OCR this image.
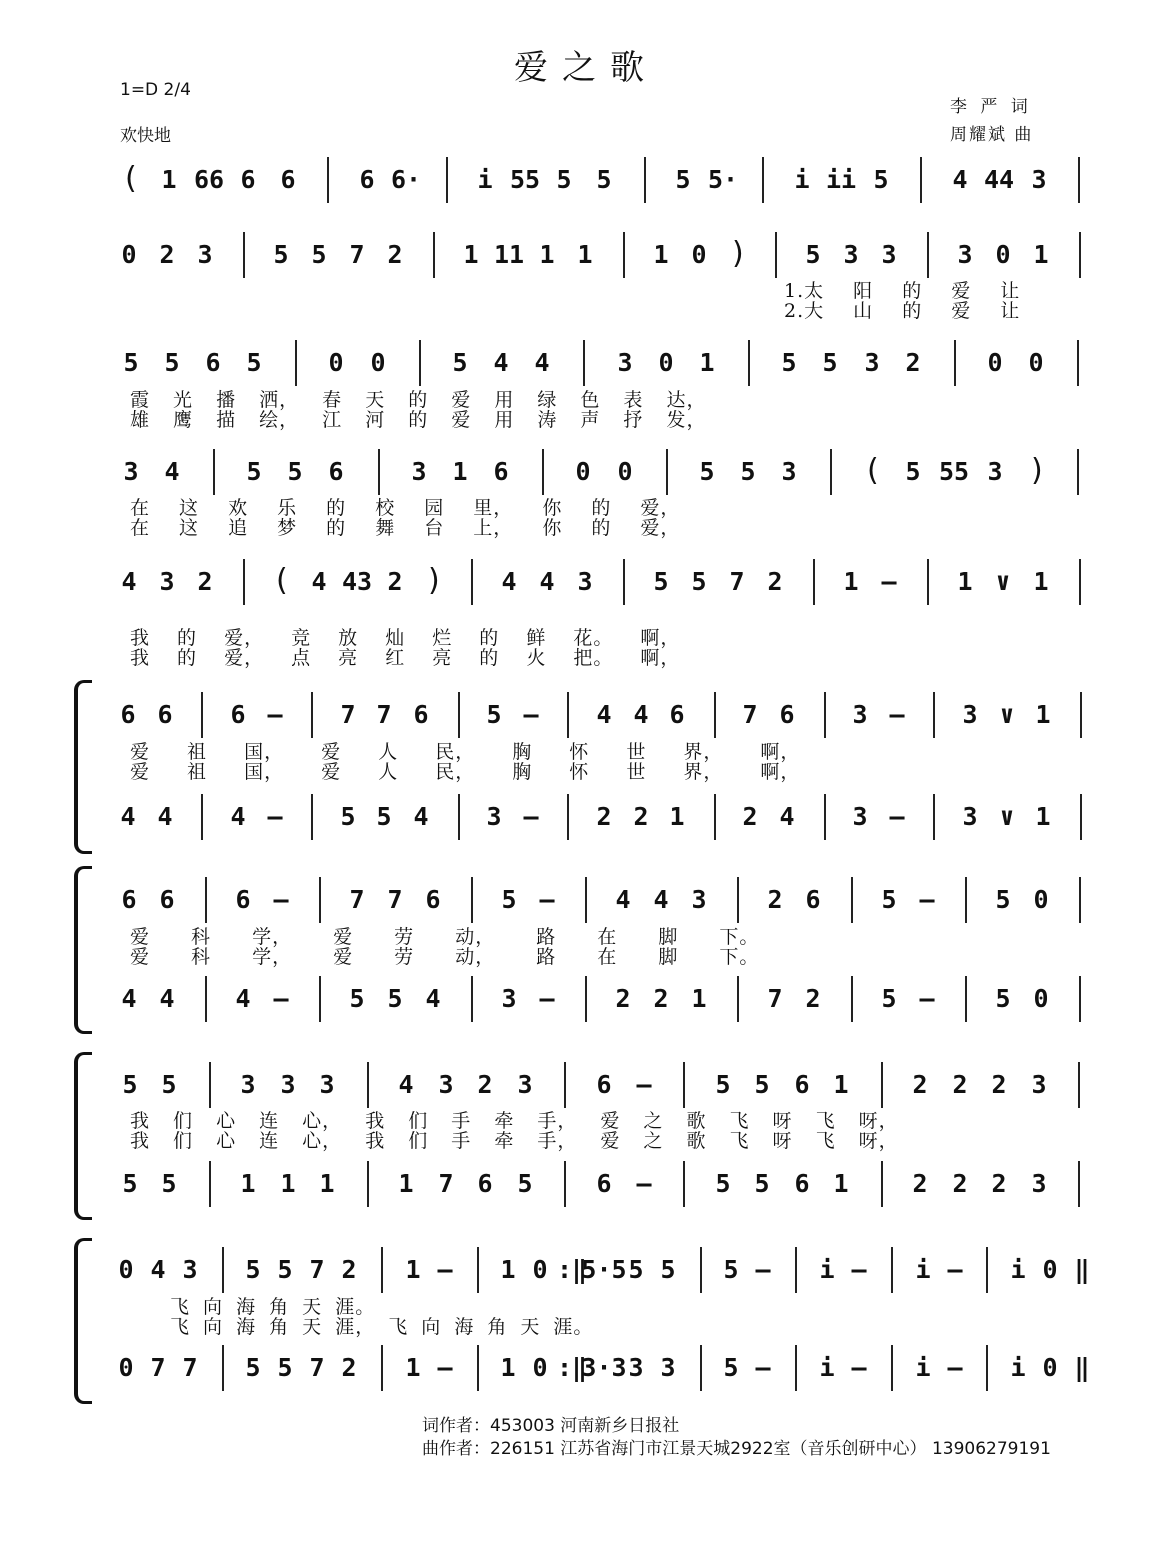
爱之歌
1=D 2/4
欢快地
李 严 词
周耀斌 曲
( 1 66 6 6	6 6· i 55 5 5	5 5· i ii 5	4 44 3
0 2 3 5 5 7 2 1 11 1 1 1 0 ) 5 3 3 3 0 1
5 5 6 5	0 0	5 4 4	3 0 1	5 5 3 2	0 0
3 4	5 5 6	3 1 6	0 0	5 5 3 ( 5 55 3 )
4 3 2 ( 4 43 2 ) 4 4 3 5 5 7 2 1 – 1 ∨ 1
6 6 6 – 7 7 6 5 – 4 4 6 7 6 3 – 3 ∨ 1
4 4 4 – 5 5 4 3 – 2 2 1 2 4 3 – 3 ∨ 1
6 6 6 – 7 7 6 5 – 4 4 3 2 6 5 – 5 0
4 4 4 – 5 5 4 3 – 2 2 1 7 2 5 – 5 0
5 5	3 3 3	4 3 2 3	6 –	5 5 6 1	2 2 2 3
5 5	1 1 1	1 7 6 5	6 –	5 5 6 1	2 2 2 3
0 4 3 5 5 7 2 1 – 1 0 :‖
5·5 5 5 5 – i – i – i 0 ‖
0 7 7 5 5 7 2 1 – 1 0 :‖
3·3 3 3 5 – i – i – i 0 ‖
1.太 阳 的 爱 让
2.大 山 的 爱 让
霞 光 播 洒， 春 天 的 爱 用 绿 色 表 达，
雄 鹰 描 绘， 江 河 的 爱 用 涛 声 抒 发，
在 这 欢 乐 的 校 园 里， 你 的 爱，
在 这 追 梦 的 舞 台 上， 你 的 爱，
我 的 爱， 竞 放 灿 烂 的 鲜 花。 啊，
我 的 爱， 点 亮 红 亮 的 火 把。 啊，
爱 祖 国， 爱 人 民， 胸 怀 世 界， 啊，
爱 祖 国， 爱 人 民， 胸 怀 世 界， 啊，
爱 科 学， 爱 劳 动， 路 在 脚 下。
爱 科 学， 爱 劳 动， 路 在 脚 下。
我 们 心 连 心， 我 们 手 牵 手， 爱 之 歌 飞 呀 飞 呀，
我 们 心 连 心， 我 们 手 牵 手， 爱 之 歌 飞 呀 飞 呀，
飞 向 海 角 天 涯。
飞 向 海 角 天 涯， 飞 向 海 角 天 涯。
词作者：453003 河南新乡日报社
曲作者：226151 江苏省海门市江景天城2922室（音乐创研中心） 13906279191
